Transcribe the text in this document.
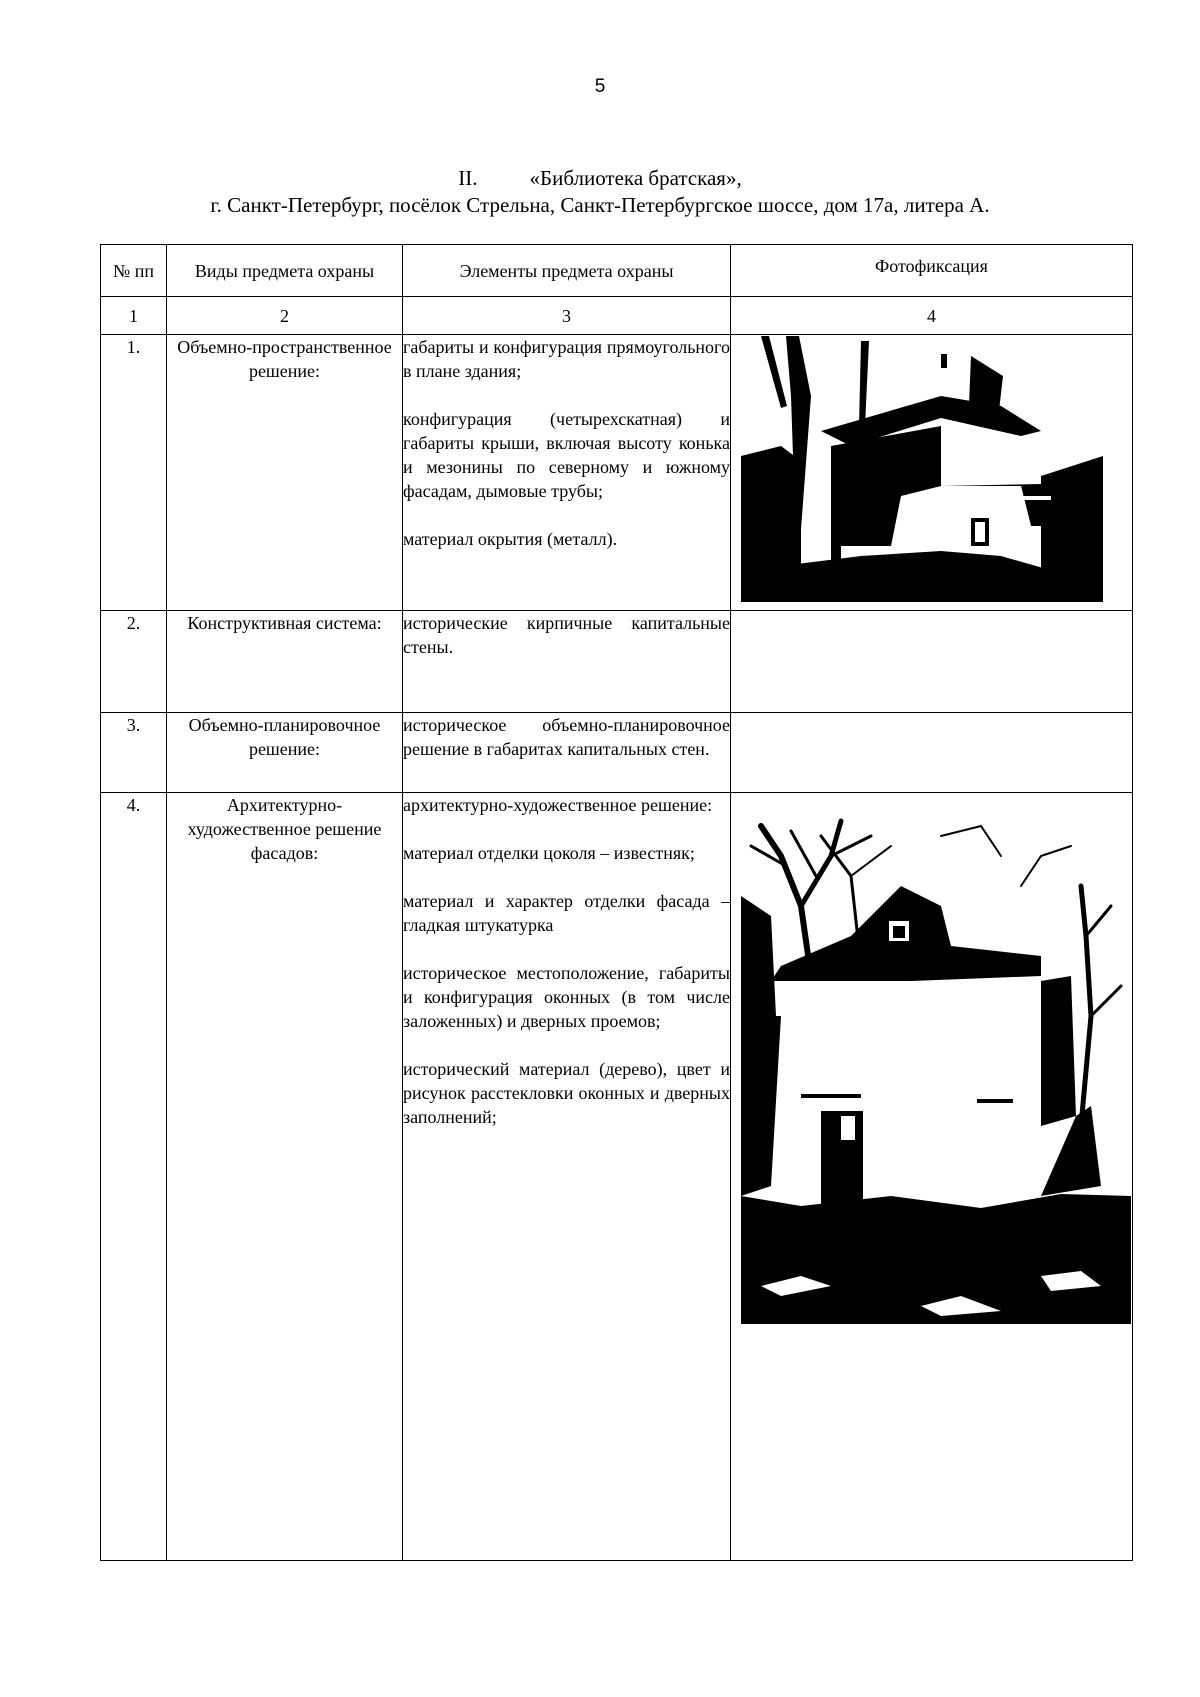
5
II. «Библиотека братская»,
г. Санкт-Петербург, посёлок Стрельна, Санкт-Петербургское шоссе, дом 17а, литера А.
№ пп	Виды предмета охраны	Элементы предмета охраны	Фотофиксация
1	2	3	4
1.	Объемно-пространственное решение:	габариты и конфигурация прямоугольного в плане здания;

конфигурация (четырехскатная) и габариты крыши, включая высоту конька и мезонины по северному и южному фасадам, дымовые трубы;

материал окрытия (металл).

2.	Конструктивная система:	исторические кирпичные капитальные стены.	

3.	Объемно-планировочное решение:	историческое объемно-планировочное решение в габаритах капитальных стен.	

4.	Архитектурно-художественное решение фасадов:	архитектурно-художественное решение:

материал отделки цоколя – известняк;

материал и характер отделки фасада – гладкая штукатурка

историческое местоположение, габариты и конфигурация оконных (в том числе заложенных) и дверных проемов;

исторический материал (дерево), цвет и рисунок расстекловки оконных и дверных заполнений;
